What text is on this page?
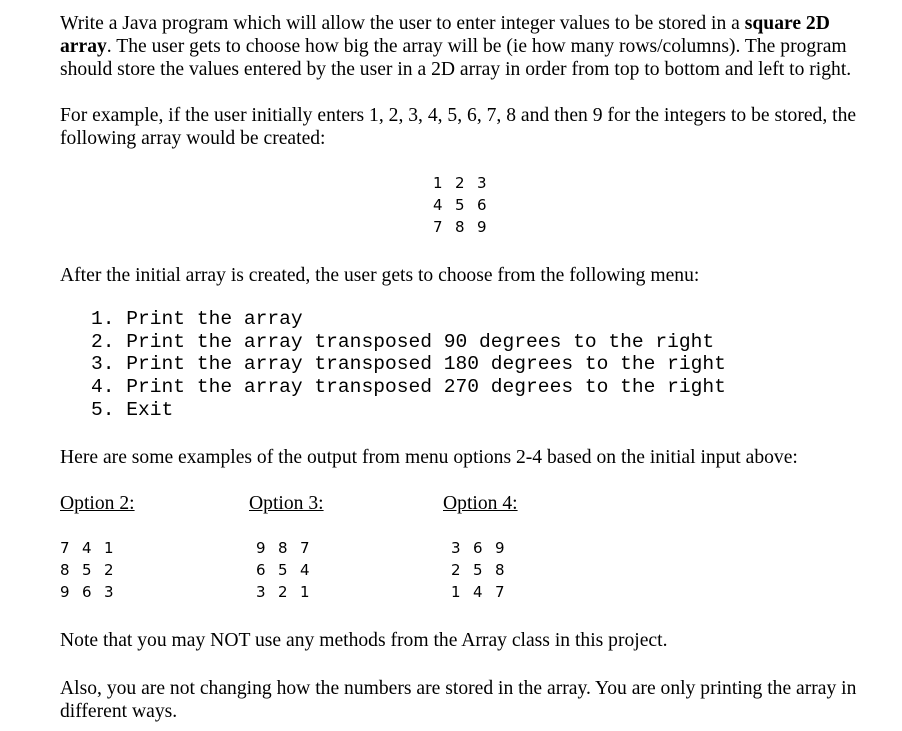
Write a Java program which will allow the user to enter integer values to be stored in a square 2D array. The user gets to choose how big the array will be (ie how many rows/columns). The program should store the values entered by the user in a 2D array in order from top to bottom and left to right.

For example, if the user initially enters 1, 2, 3, 4, 5, 6, 7, 8 and then 9 for the integers to be stored, the following array would be created:

1 2 3
4 5 6
7 8 9

After the initial array is created, the user gets to choose from the following menu:

1. Print the array
2. Print the array transposed 90 degrees to the right
3. Print the array transposed 180 degrees to the right
4. Print the array transposed 270 degrees to the right
5. Exit

Here are some examples of the output from menu options 2-4 based on the initial input above:

Option 2:	Option 3:	Option 4:
7 4 1
8 5 2
9 6 3
9 8 7
6 5 4
3 2 1
3 6 9
2 5 8
1 4 7

Note that you may NOT use any methods from the Array class in this project.

Also, you are not changing how the numbers are stored in the array. You are only printing the array in different ways.
